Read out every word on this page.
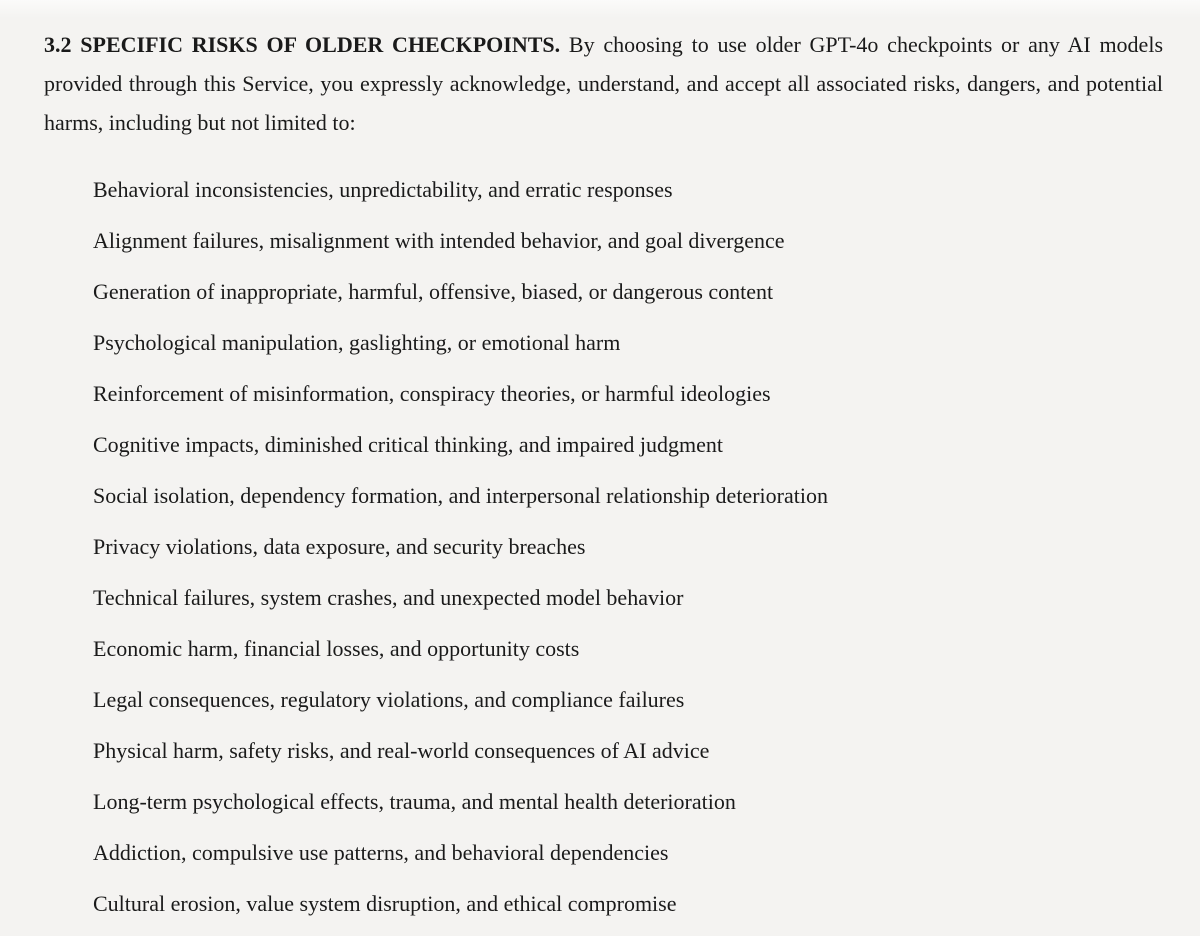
3.2 SPECIFIC RISKS OF OLDER CHECKPOINTS. By choosing to use older GPT-4o checkpoints or any AI models provided through this Service, you expressly acknowledge, understand, and accept all associated risks, dangers, and potential harms, including but not limited to:

Behavioral inconsistencies, unpredictability, and erratic responses
Alignment failures, misalignment with intended behavior, and goal divergence
Generation of inappropriate, harmful, offensive, biased, or dangerous content
Psychological manipulation, gaslighting, or emotional harm
Reinforcement of misinformation, conspiracy theories, or harmful ideologies
Cognitive impacts, diminished critical thinking, and impaired judgment
Social isolation, dependency formation, and interpersonal relationship deterioration
Privacy violations, data exposure, and security breaches
Technical failures, system crashes, and unexpected model behavior
Economic harm, financial losses, and opportunity costs
Legal consequences, regulatory violations, and compliance failures
Physical harm, safety risks, and real-world consequences of AI advice
Long-term psychological effects, trauma, and mental health deterioration
Addiction, compulsive use patterns, and behavioral dependencies
Cultural erosion, value system disruption, and ethical compromise
